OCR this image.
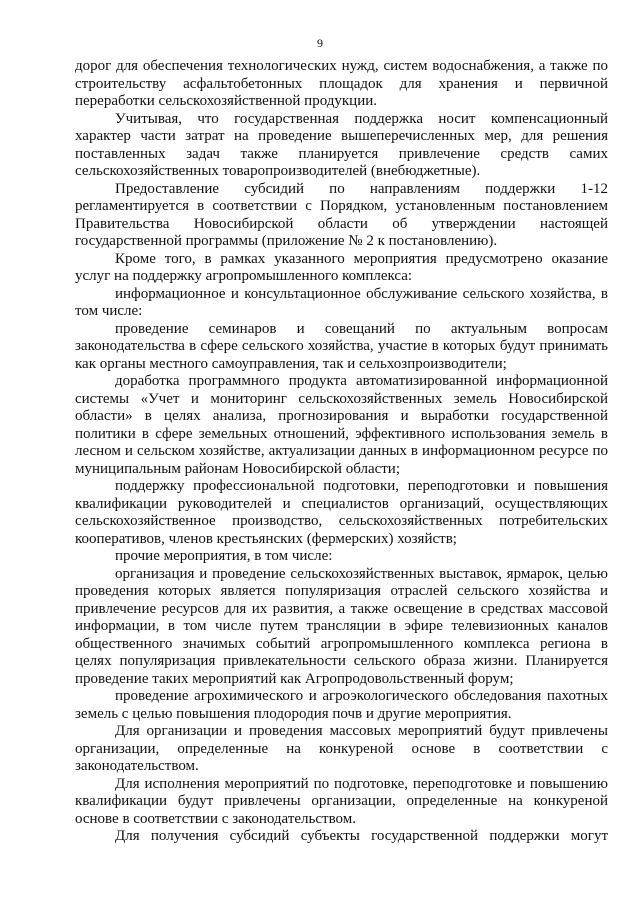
9

дорог для обеспечения технологических нужд, систем водоснабжения, а также по строительству асфальтобетонных площадок для хранения и первичной переработки сельскохозяйственной продукции.

Учитывая, что государственная поддержка носит компенсационный характер части затрат на проведение вышеперечисленных мер, для решения поставленных задач также планируется привлечение средств самих сельскохозяйственных товаропроизводителей (внебюджетные).

Предоставление субсидий по направлениям поддержки 1-12 регламентируется в соответствии с Порядком, установленным постановлением Правительства Новосибирской области об утверждении настоящей государственной программы (приложение № 2 к постановлению).

Кроме того, в рамках указанного мероприятия предусмотрено оказание услуг на поддержку агропромышленного комплекса:

информационное и консультационное обслуживание сельского хозяйства, в том числе:

проведение семинаров и совещаний по актуальным вопросам законодательства в сфере сельского хозяйства, участие в которых будут принимать как органы местного самоуправления, так и сельхозпроизводители;

доработка программного продукта автоматизированной информационной системы «Учет и мониторинг сельскохозяйственных земель Новосибирской области» в целях анализа, прогнозирования и выработки государственной политики в сфере земельных отношений, эффективного использования земель в лесном и сельском хозяйстве, актуализации данных в информационном ресурсе по муниципальным районам Новосибирской области;

поддержку профессиональной подготовки, переподготовки и повышения квалификации руководителей и специалистов организаций, осуществляющих сельскохозяйственное производство, сельскохозяйственных потребительских кооперативов, членов крестьянских (фермерских) хозяйств;

прочие мероприятия, в том числе:

организация и проведение сельскохозяйственных выставок, ярмарок, целью проведения которых является популяризация отраслей сельского хозяйства и привлечение ресурсов для их развития, а также освещение в средствах массовой информации, в том числе путем трансляции в эфире телевизионных каналов общественного значимых событий агропромышленного комплекса региона в целях популяризация привлекательности сельского образа жизни. Планируется проведение таких мероприятий как Агропродовольственный форум;

проведение агрохимического и агроэкологического обследования пахотных земель с целью повышения плодородия почв и другие мероприятия.

Для организации и проведения массовых мероприятий будут привлечены организации, определенные на конкуреной основе в соответствии с законодательством.

Для исполнения мероприятий по подготовке, переподготовке и повышению квалификации будут привлечены организации, определенные на конкуреной основе в соответствии с законодательством.

Для получения субсидий субъекты государственной поддержки могут
